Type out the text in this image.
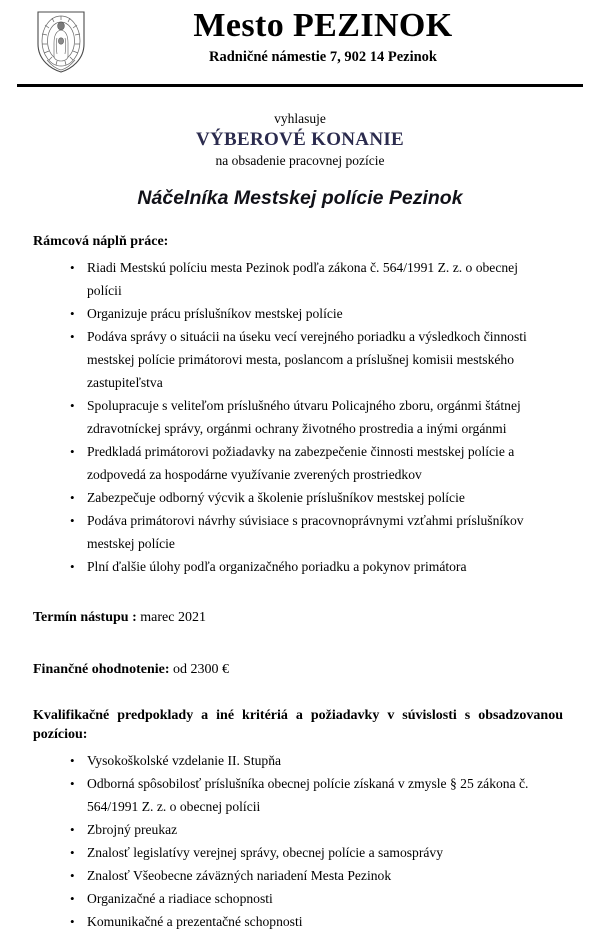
Mesto PEZINOK
Radničné námestie 7, 902 14 Pezinok
vyhlasuje
VÝBEROVÉ KONANIE
na obsadenie pracovnej pozície
Náčelníka Mestskej polície Pezinok
Rámcová náplň práce:
• Riadi Mestskú políciu mesta Pezinok podľa zákona č. 564/1991 Z. z. o obecnej polícii
• Organizuje prácu príslušníkov mestskej polície
• Podáva správy o situácii na úseku vecí verejného poriadku a výsledkoch činnosti mestskej polície primátorovi mesta, poslancom a príslušnej komisii mestského zastupiteľstva
• Spolupracuje s veliteľom príslušného útvaru Policajného zboru, orgánmi štátnej zdravotníckej správy, orgánmi ochrany životného prostredia a inými orgánmi
• Predkladá primátorovi požiadavky na zabezpečenie činnosti mestskej polície a zodpovedá za hospodárne využívanie zverených prostriedkov
• Zabezpečuje odborný výcvik a školenie príslušníkov mestskej polície
• Podáva primátorovi návrhy súvisiace s pracovnoprávnymi vzťahmi príslušníkov mestskej polície
• Plní ďalšie úlohy podľa organizačného poriadku a pokynov primátora
Termín nástupu : marec 2021
Finančné ohodnotenie: od 2300 €
Kvalifikačné predpoklady a iné kritériá a požiadavky v súvislosti s obsadzovanou
pozíciou:
• Vysokoškolské vzdelanie II. Stupňa
• Odborná spôsobilosť príslušníka obecnej polície získaná v zmysle § 25 zákona č. 564/1991 Z. z. o obecnej polícii
• Zbrojný preukaz
• Znalosť legislatívy verejnej správy, obecnej polície a samosprávy
• Znalosť Všeobecne záväzných nariadení Mesta Pezinok
• Organizačné a riadiace schopnosti
• Komunikačné a prezentačné schopnosti
